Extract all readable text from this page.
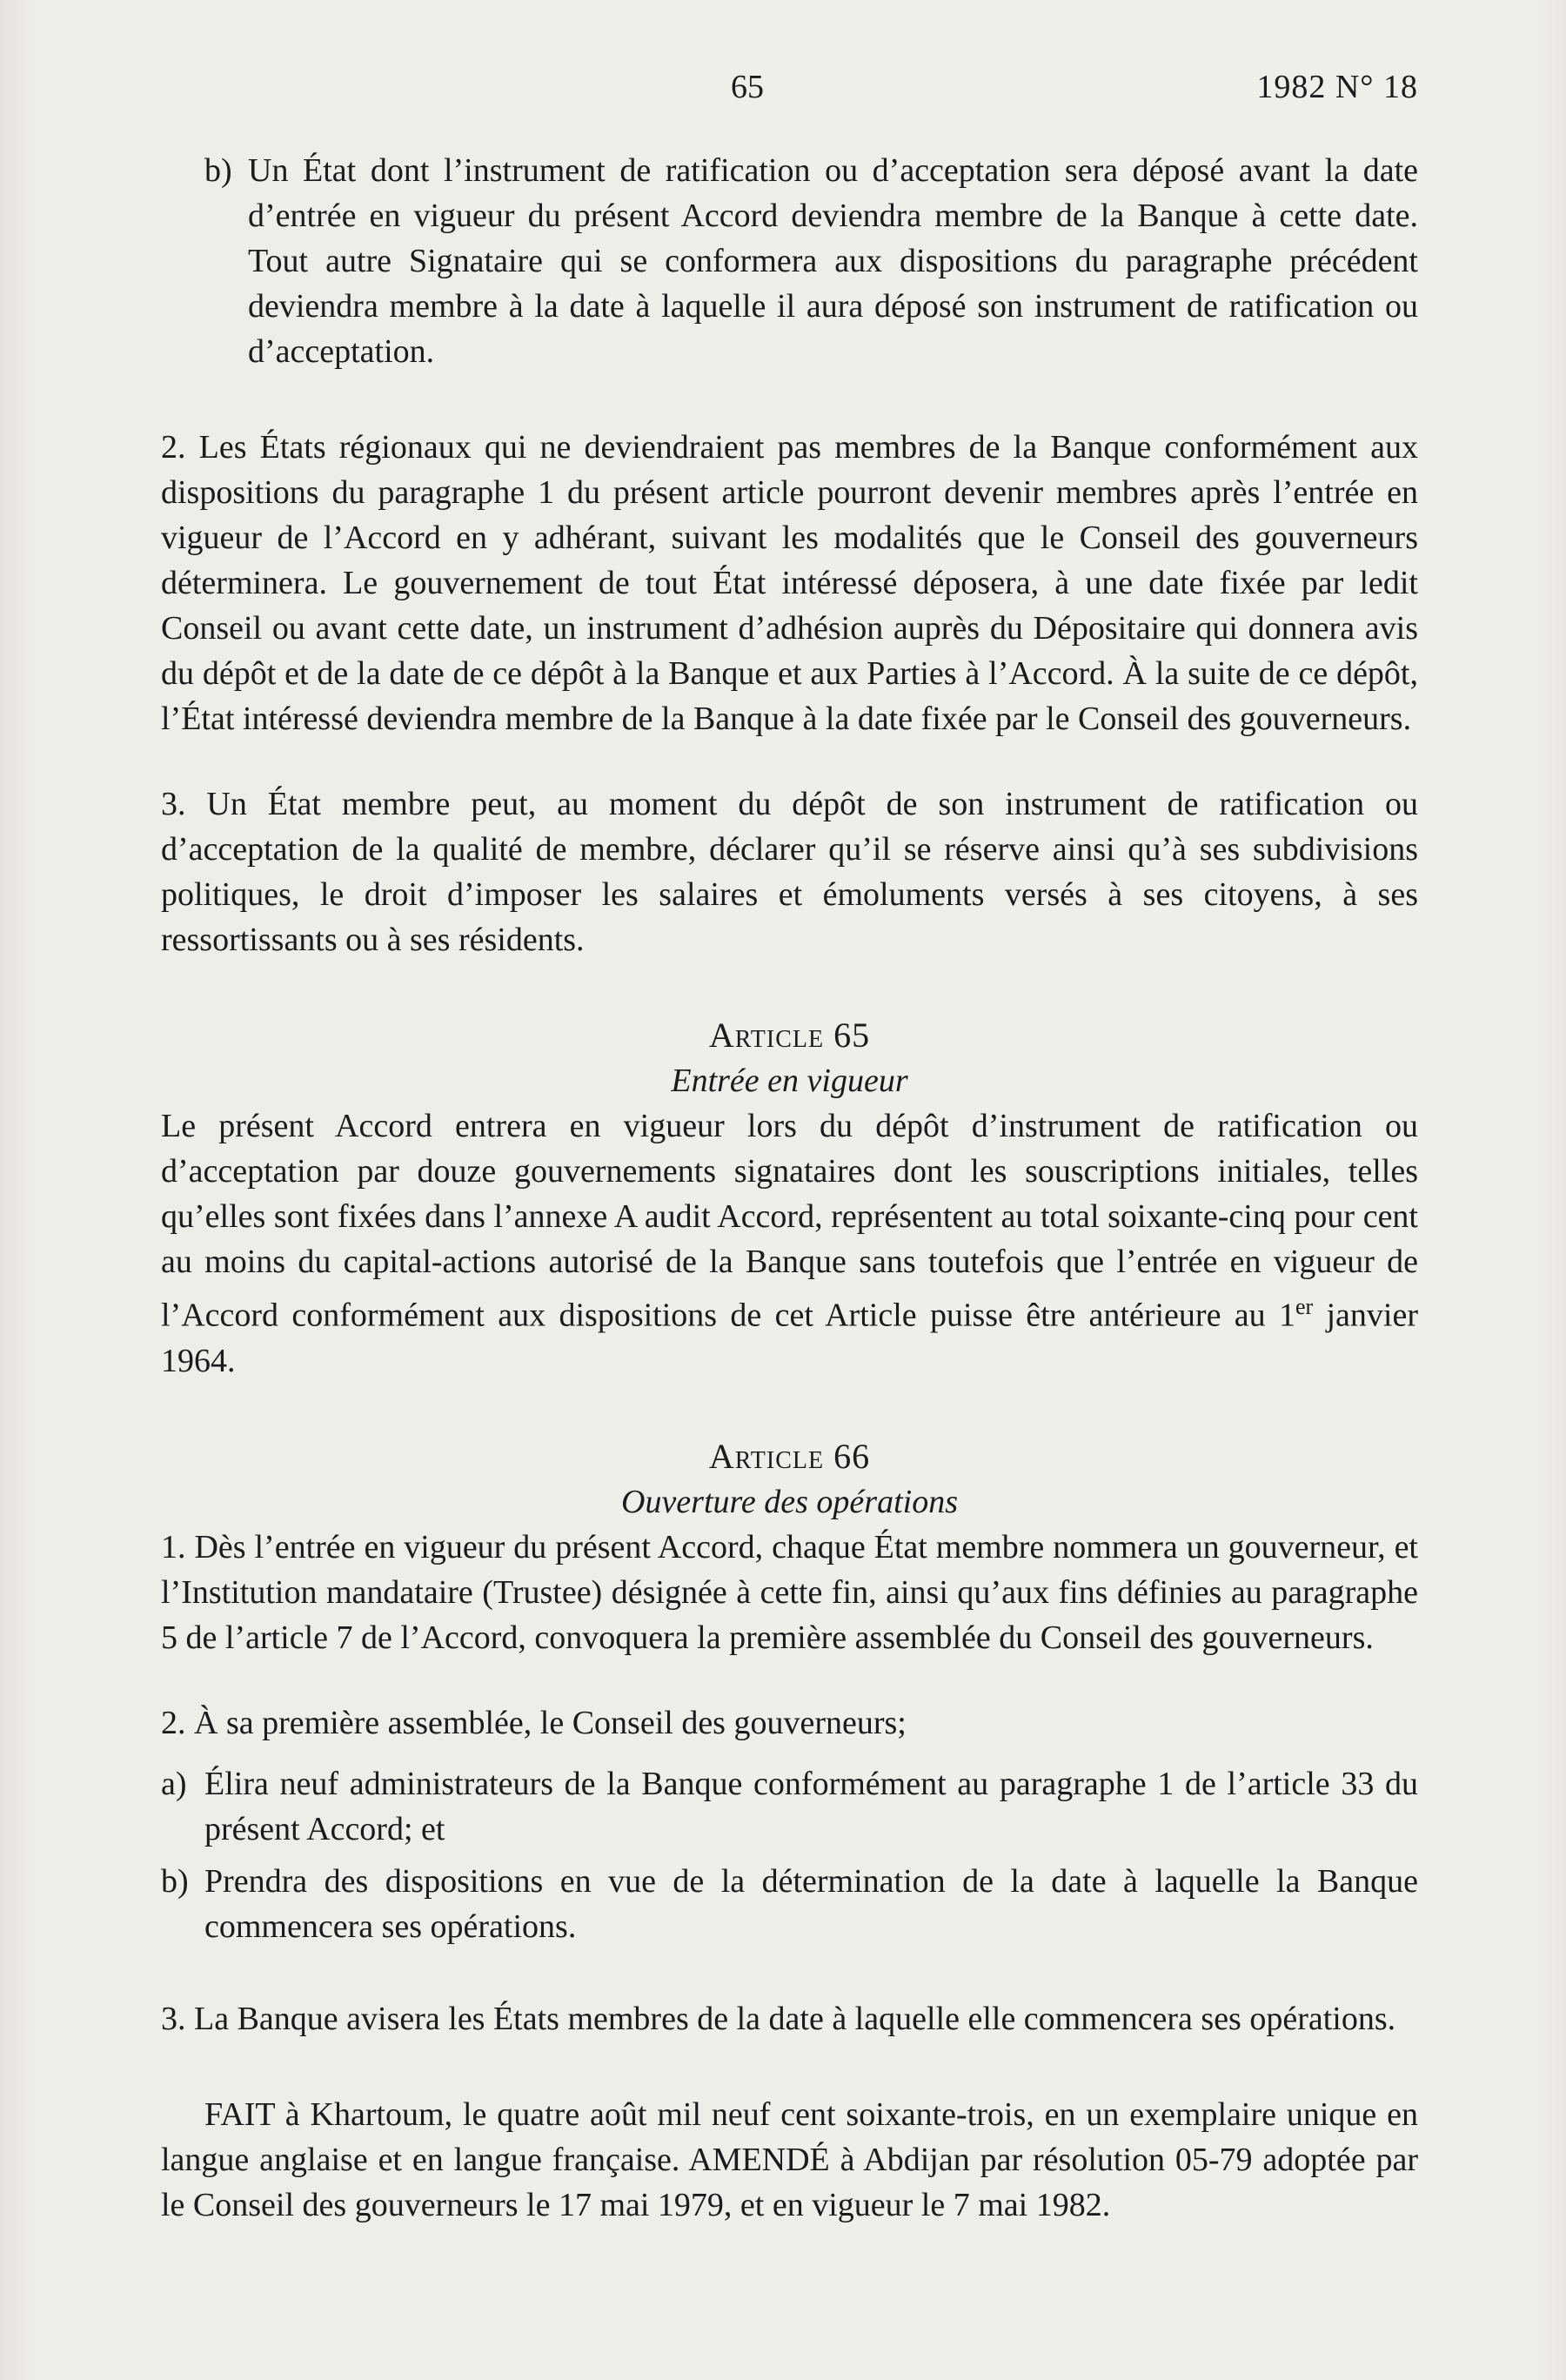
65	1982 N° 18
b) Un État dont l’instrument de ratification ou d’acceptation sera déposé avant la date d’entrée en vigueur du présent Accord deviendra membre de la Banque à cette date. Tout autre Signataire qui se conformera aux dispositions du paragraphe précédent deviendra membre à la date à laquelle il aura déposé son instrument de ratification ou d’acceptation.

2. Les États régionaux qui ne deviendraient pas membres de la Banque conformément aux dispositions du paragraphe 1 du présent article pourront devenir membres après l’entrée en vigueur de l’Accord en y adhérant, suivant les modalités que le Conseil des gouverneurs déterminera. Le gouvernement de tout État intéressé déposera, à une date fixée par ledit Conseil ou avant cette date, un instrument d’adhésion auprès du Dépositaire qui donnera avis du dépôt et de la date de ce dépôt à la Banque et aux Parties à l’Accord. À la suite de ce dépôt, l’État intéressé deviendra membre de la Banque à la date fixée par le Conseil des gouverneurs.

3. Un État membre peut, au moment du dépôt de son instrument de ratification ou d’acceptation de la qualité de membre, déclarer qu’il se réserve ainsi qu’à ses subdivisions politiques, le droit d’imposer les salaires et émoluments versés à ses citoyens, à ses ressortissants ou à ses résidents.

Article 65

Entrée en vigueur

Le présent Accord entrera en vigueur lors du dépôt d’instrument de ratification ou d’acceptation par douze gouvernements signataires dont les souscriptions initiales, telles qu’elles sont fixées dans l’annexe A audit Accord, représentent au total soixante-cinq pour cent au moins du capital-actions autorisé de la Banque sans toutefois que l’entrée en vigueur de l’Accord conformément aux dispositions de cet Article puisse être antérieure au 1er janvier 1964.

Article 66

Ouverture des opérations

1. Dès l’entrée en vigueur du présent Accord, chaque État membre nommera un gouverneur, et l’Institution mandataire (Trustee) désignée à cette fin, ainsi qu’aux fins définies au paragraphe 5 de l’article 7 de l’Accord, convoquera la première assemblée du Conseil des gouverneurs.

2. À sa première assemblée, le Conseil des gouverneurs;

a) Élira neuf administrateurs de la Banque conformément au paragraphe 1 de l’article 33 du présent Accord; et
b) Prendra des dispositions en vue de la détermination de la date à laquelle la Banque commencera ses opérations.

3. La Banque avisera les États membres de la date à laquelle elle commencera ses opérations.

FAIT à Khartoum, le quatre août mil neuf cent soixante-trois, en un exemplaire unique en langue anglaise et en langue française. AMENDÉ à Abdijan par résolution 05-79 adoptée par le Conseil des gouverneurs le 17 mai 1979, et en vigueur le 7 mai 1982.
